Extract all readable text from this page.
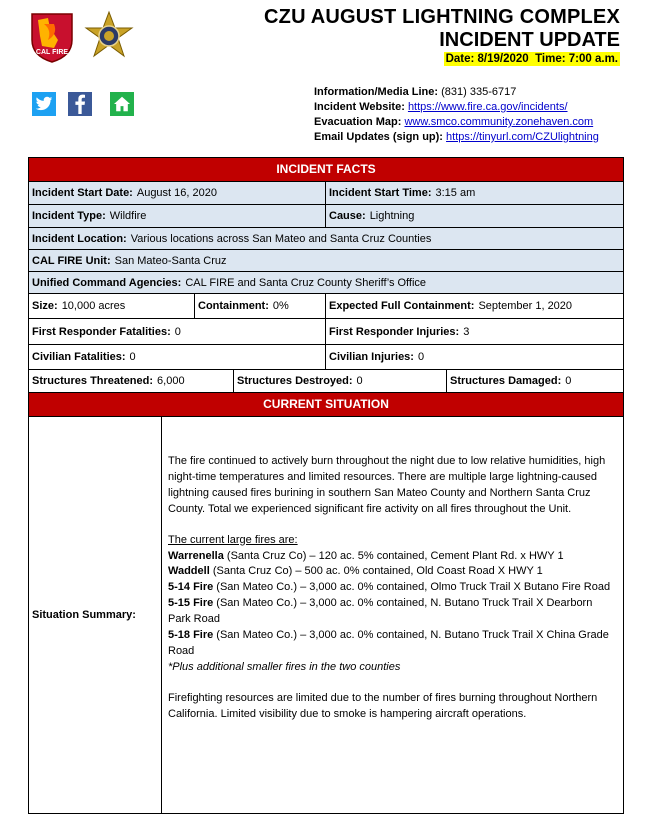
CAL FIRE
CZU AUGUST LIGHTNING COMPLEX
INCIDENT UPDATE
Date: 8/19/2020 Time: 7:00 a.m.
Information/Media Line: (831) 335-6717
Incident Website: https://www.fire.ca.gov/incidents/
Evacuation Map: www.smco.community.zonehaven.com
Email Updates (sign up): https://tinyurl.com/CZUlightning
INCIDENT FACTS
Incident Start Date: August 16, 2020	Incident Start Time: 3:15 am
Incident Type: Wildfire	Cause: Lightning
Incident Location: Various locations across San Mateo and Santa Cruz Counties
CAL FIRE Unit: San Mateo-Santa Cruz
Unified Command Agencies: CAL FIRE and Santa Cruz County Sheriff’s Office
Size: 10,000 acres	Containment: 0%	Expected Full Containment: September 1, 2020
First Responder Fatalities: 0	First Responder Injuries: 3
Civilian Fatalities: 0	Civilian Injuries: 0
Structures Threatened: 6,000	Structures Destroyed: 0	Structures Damaged: 0
CURRENT SITUATION
Situation Summary:

The fire continued to actively burn throughout the night due to low relative humidities, high night-time temperatures and limited resources. There are multiple large lightning-caused lightning caused fires burining in southern San Mateo County and Northern Santa Cruz County. Total we experienced significant fire activity on all fires throughout the Unit.

The current large fires are:

Warrenella (Santa Cruz Co) – 120 ac. 5% contained, Cement Plant Rd. x HWY 1

Waddell (Santa Cruz Co) – 500 ac. 0% contained, Old Coast Road X HWY 1

5-14 Fire (San Mateo Co.) – 3,000 ac. 0% contained, Olmo Truck Trail X Butano Fire Road

5-15 Fire (San Mateo Co.) – 3,000 ac. 0% contained, N. Butano Truck Trail X Dearborn Park Road

5-18 Fire (San Mateo Co.) – 3,000 ac. 0% contained, N. Butano Truck Trail X China Grade Road

*Plus additional smaller fires in the two counties

Firefighting resources are limited due to the number of fires burning throughout Northern California. Limited visibility due to smoke is hampering aircraft operations.
